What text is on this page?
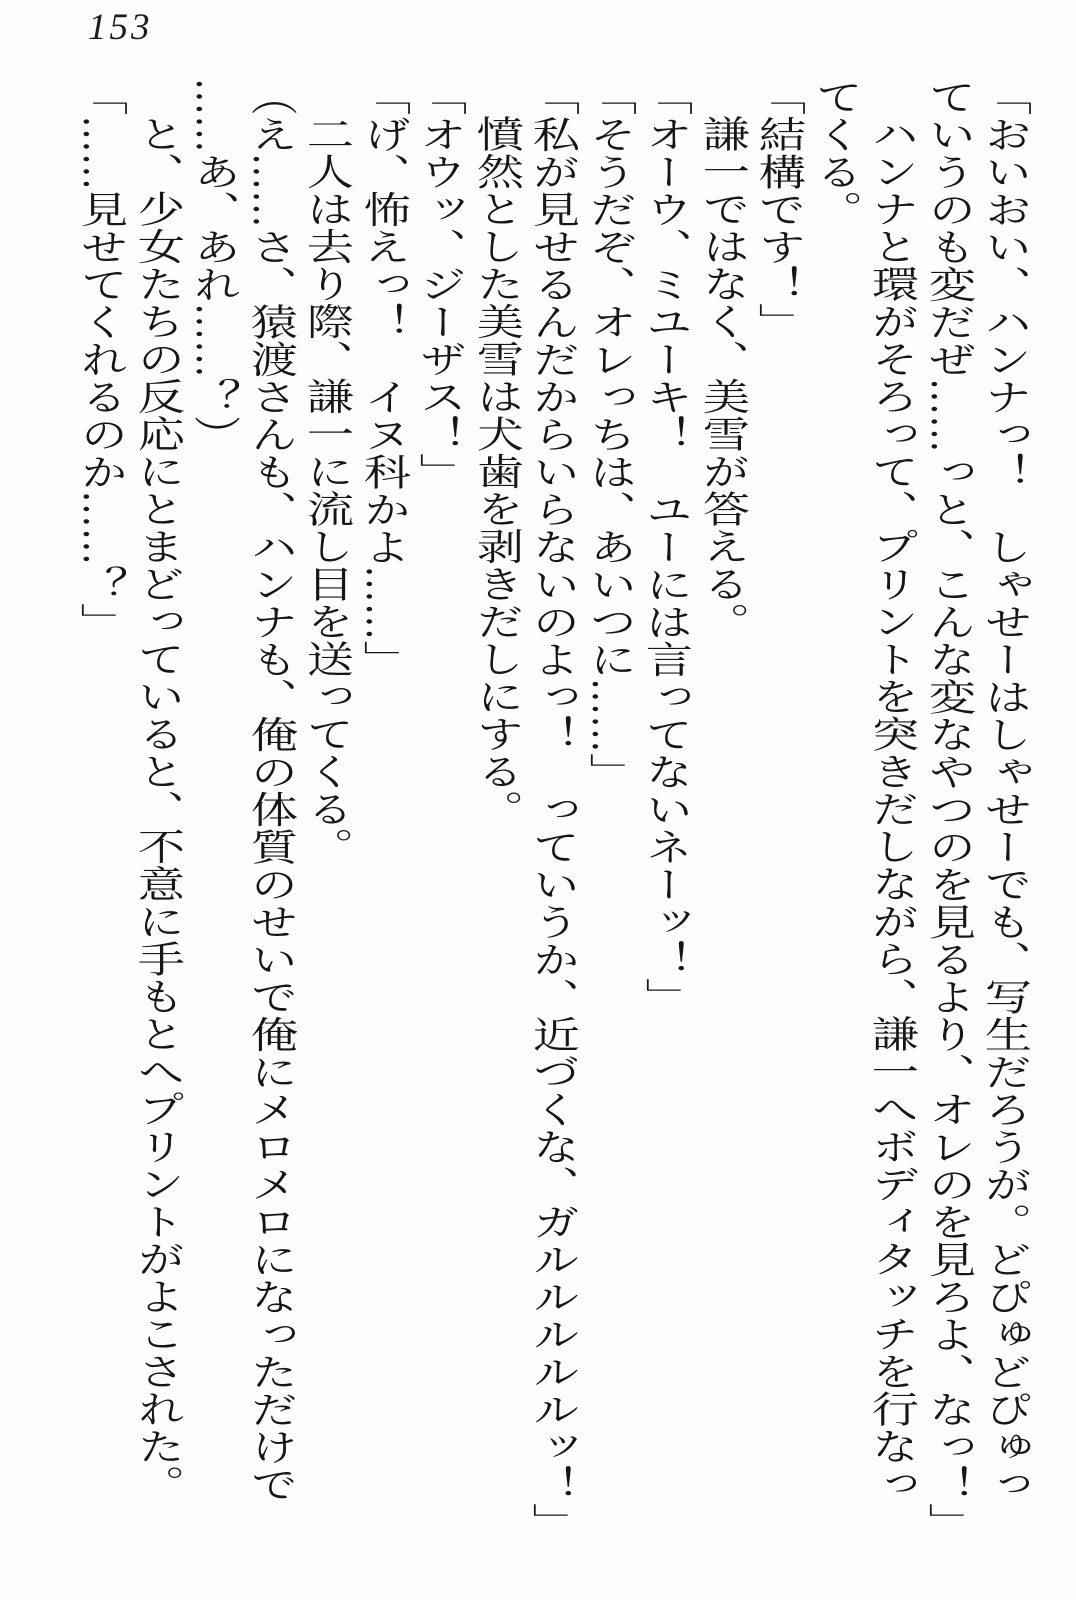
153
「おいおい、ハンナっ！　しゃせーはしゃせーでも、写生だろうが。どぴゅどぴゅっ
ていうのも変だぜ……っと、こんな変なやつのを見るより、オレのを見ろよ、なっ！」
ハンナと環がそろって、プリントを突きだしながら、謙一へボディタッチを行なっ
てくる。
「結構です！」
謙一ではなく、美雪が答える。
「オーウ、ミユーキ！　ユーには言ってないネーッ！」
「そうだぞ、オレっちは、あいつに……」
「私が見せるんだからいらないのよっ！　っていうか、近づくな、ガルルルルルッ！」
憤然とした美雪は犬歯を剥きだしにする。
「オウッ、ジーザス！」
「げ、怖えっ！　イヌ科かよ……」
二人は去り際、謙一に流し目を送ってくる。
（え……さ、猿渡さんも、ハンナも、俺の体質のせいで俺にメロメロになっただけで
……あ、あれ……？）
と、少女たちの反応にとまどっていると、不意に手もとへプリントがよこされた。
「……見せてくれるのか……？」
